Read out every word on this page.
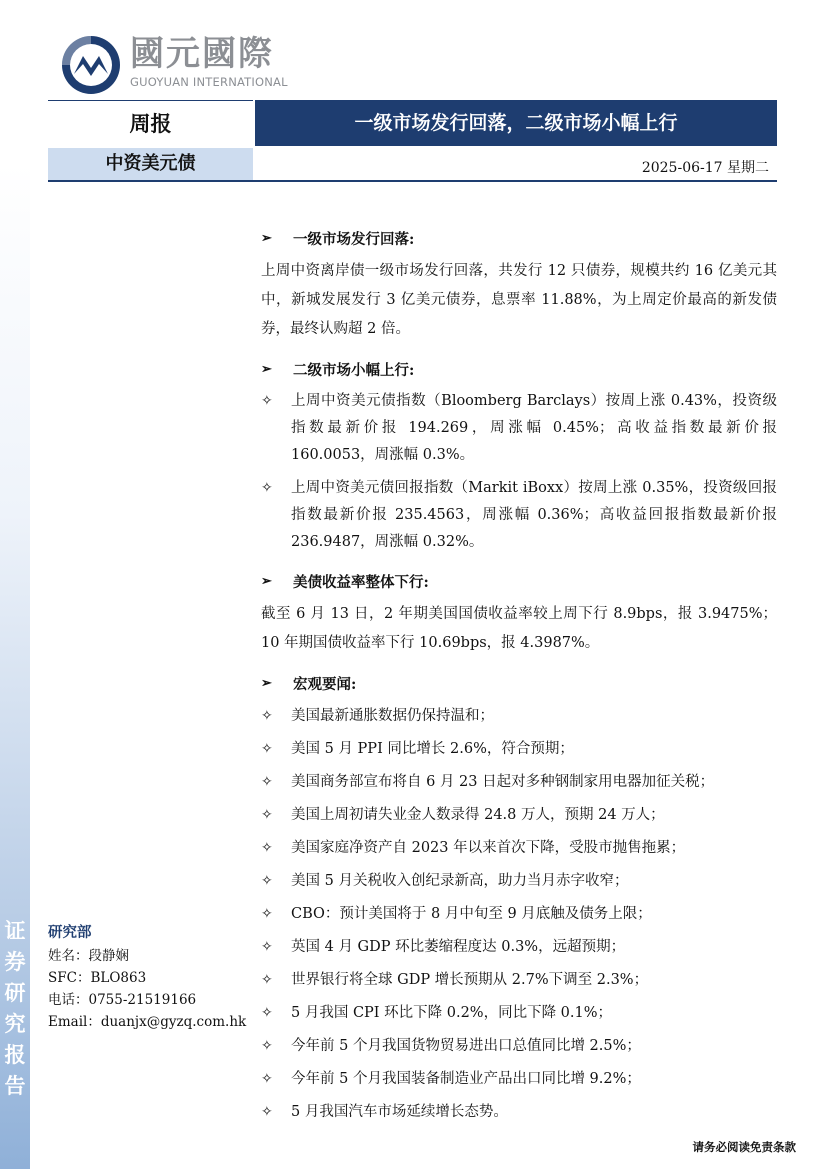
证
券
研
究
报
告
國元國際
GUOYUAN INTERNATIONAL
周报	一级市场发行回落，二级市场小幅上行
中资美元债	2025-06-17 星期二
➢	一级市场发行回落:
上周中资离岸债一级市场发行回落，共发行 12 只债券，规模共约 16 亿美元其中，新城发展发行 3 亿美元债券，息票率 11.88%，为上周定价最高的新发债券，最终认购超 2 倍。
➢	二级市场小幅上行:
✧	上周中资美元债指数（Bloomberg Barclays）按周上涨 0.43%，投资级指数最新价报 194.269，周涨幅 0.45%；高收益指数最新价报 160.0053，周涨幅 0.3%。
✧	上周中资美元债回报指数（Markit iBoxx）按周上涨 0.35%，投资级回报指数最新价报 235.4563，周涨幅 0.36%；高收益回报指数最新价报 236.9487，周涨幅 0.32%。
➢	美债收益率整体下行:
截至 6 月 13 日，2 年期美国国债收益率较上周下行 8.9bps，报 3.9475%；10 年期国债收益率下行 10.69bps，报 4.3987%。
➢	宏观要闻:
✧	美国最新通胀数据仍保持温和；
✧	美国 5 月 PPI 同比增长 2.6%，符合预期；
✧	美国商务部宣布将自 6 月 23 日起对多种钢制家用电器加征关税；
✧	美国上周初请失业金人数录得 24.8 万人，预期 24 万人；
✧	美国家庭净资产自 2023 年以来首次下降，受股市抛售拖累；
✧	美国 5 月关税收入创纪录新高，助力当月赤字收窄；
✧	CBO：预计美国将于 8 月中旬至 9 月底触及债务上限；
✧	英国 4 月 GDP 环比萎缩程度达 0.3%，远超预期；
✧	世界银行将全球 GDP 增长预期从 2.7%下调至 2.3%；
✧	5 月我国 CPI 环比下降 0.2%，同比下降 0.1%；
✧	今年前 5 个月我国货物贸易进出口总值同比增 2.5%；
✧	今年前 5 个月我国装备制造业产品出口同比增 9.2%；
✧	5 月我国汽车市场延续增长态势。
研究部
姓名：段静娴
SFC：BLO863
电话：0755-21519166
Email：duanjx@gyzq.com.hk
请务必阅读免责条款
